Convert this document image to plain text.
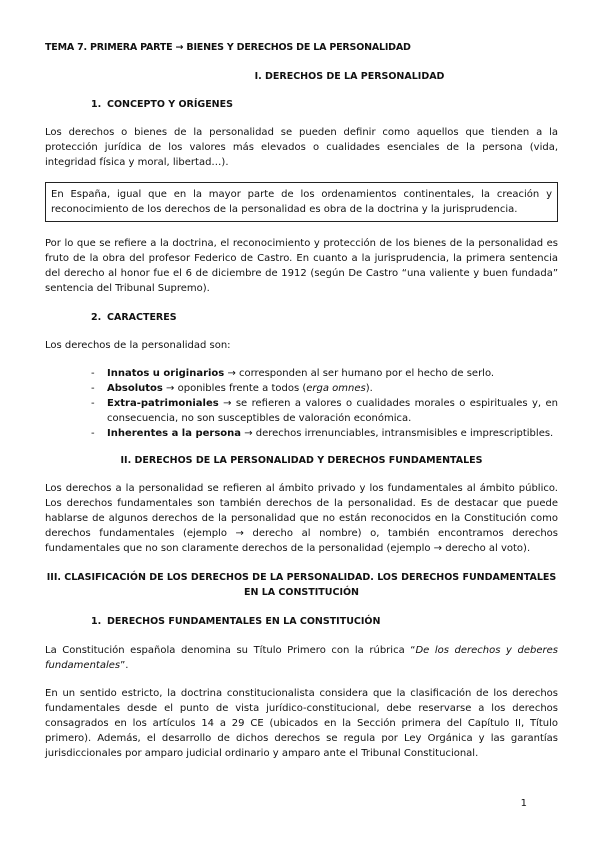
TEMA 7. PRIMERA PARTE → BIENES Y DERECHOS DE LA PERSONALIDAD
I. DERECHOS DE LA PERSONALIDAD
1. CONCEPTO Y ORÍGENES

Los derechos o bienes de la personalidad se pueden definir como aquellos que tienden a la protección jurídica de los valores más elevados o cualidades esenciales de la persona (vida, integridad física y moral, libertad…).

En España, igual que en la mayor parte de los ordenamientos continentales, la creación y reconocimiento de los derechos de la personalidad es obra de la doctrina y la jurisprudencia.

Por lo que se refiere a la doctrina, el reconocimiento y protección de los bienes de la personalidad es fruto de la obra del profesor Federico de Castro. En cuanto a la jurisprudencia, la primera sentencia del derecho al honor fue el 6 de diciembre de 1912 (según De Castro “una valiente y buen fundada” sentencia del Tribunal Supremo).

2. CARACTERES

Los derechos de la personalidad son:

- Innatos u originarios → corresponden al ser humano por el hecho de serlo.
- Absolutos → oponibles frente a todos (erga omnes).
- Extra-patrimoniales → se refieren a valores o cualidades morales o espirituales y, en consecuencia, no son susceptibles de valoración económica.
- Inherentes a la persona → derechos irrenunciables, intransmisibles e imprescriptibles.
II. DERECHOS DE LA PERSONALIDAD Y DERECHOS FUNDAMENTALES

Los derechos a la personalidad se refieren al ámbito privado y los fundamentales al ámbito público. Los derechos fundamentales son también derechos de la personalidad. Es de destacar que puede hablarse de algunos derechos de la personalidad que no están reconocidos en la Constitución como derechos fundamentales (ejemplo → derecho al nombre) o, también encontramos derechos fundamentales que no son claramente derechos de la personalidad (ejemplo → derecho al voto).

III. CLASIFICACIÓN DE LOS DERECHOS DE LA PERSONALIDAD. LOS DERECHOS FUNDAMENTALES
EN LA CONSTITUCIÓN
1. DERECHOS FUNDAMENTALES EN LA CONSTITUCIÓN

La Constitución española denomina su Título Primero con la rúbrica “De los derechos y deberes fundamentales”.

En un sentido estricto, la doctrina constitucionalista considera que la clasificación de los derechos fundamentales desde el punto de vista jurídico-constitucional, debe reservarse a los derechos consagrados en los artículos 14 a 29 CE (ubicados en la Sección primera del Capítulo II, Título primero). Además, el desarrollo de dichos derechos se regula por Ley Orgánica y las garantías jurisdiccionales por amparo judicial ordinario y amparo ante el Tribunal Constitucional.

1
